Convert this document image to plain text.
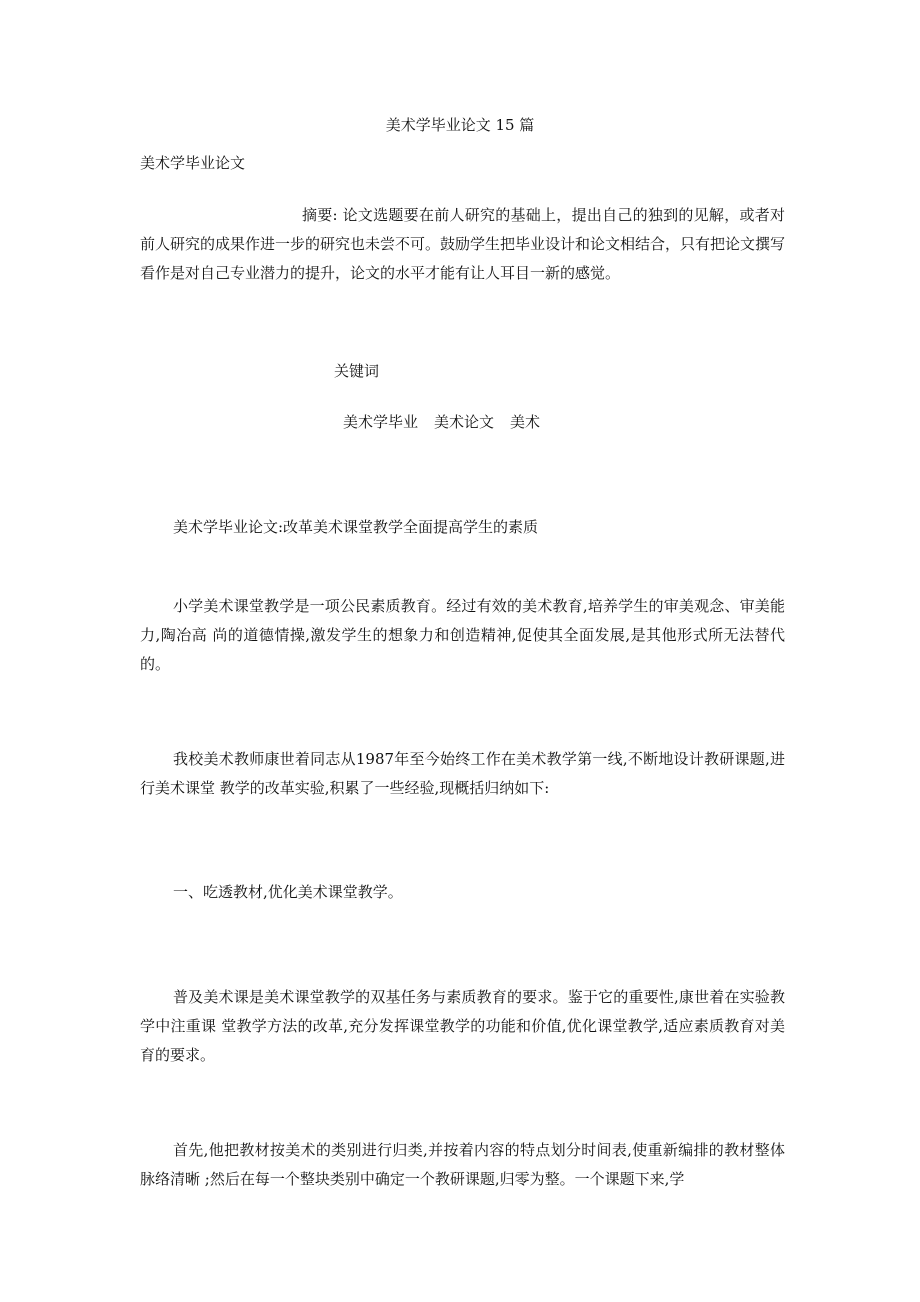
美术学毕业论文 15 篇

美术学毕业论文

摘要: 论文选题要在前人研究的基础上，提出自己的独到的见解，或者对前人研究的成果作进一步的研究也未尝不可。鼓励学生把毕业设计和论文相结合，只有把论文撰写看作是对自己专业潜力的提升，论文的水平才能有让人耳目一新的感觉。

关键词

美术学毕业 美术论文 美术

美术学毕业论文:改革美术课堂教学全面提高学生的素质

小学美术课堂教学是一项公民素质教育。经过有效的美术教育,培养学生的审美观念、审美能力,陶冶高 尚的道德情操,激发学生的想象力和创造精神,促使其全面发展,是其他形式所无法替代的。

我校美术教师康世着同志从1987年至今始终工作在美术教学第一线,不断地设计教研课题,进行美术课堂 教学的改革实验,积累了一些经验,现概括归纳如下:

一、吃透教材,优化美术课堂教学。

普及美术课是美术课堂教学的双基任务与素质教育的要求。鉴于它的重要性,康世着在实验教学中注重课 堂教学方法的改革,充分发挥课堂教学的功能和价值,优化课堂教学,适应素质教育对美育的要求。

首先,他把教材按美术的类别进行归类,并按着内容的特点划分时间表,使重新编排的教材整体脉络清晰 ;然后在每一个整块类别中确定一个教研课题,归零为整。一个课题下来,学
